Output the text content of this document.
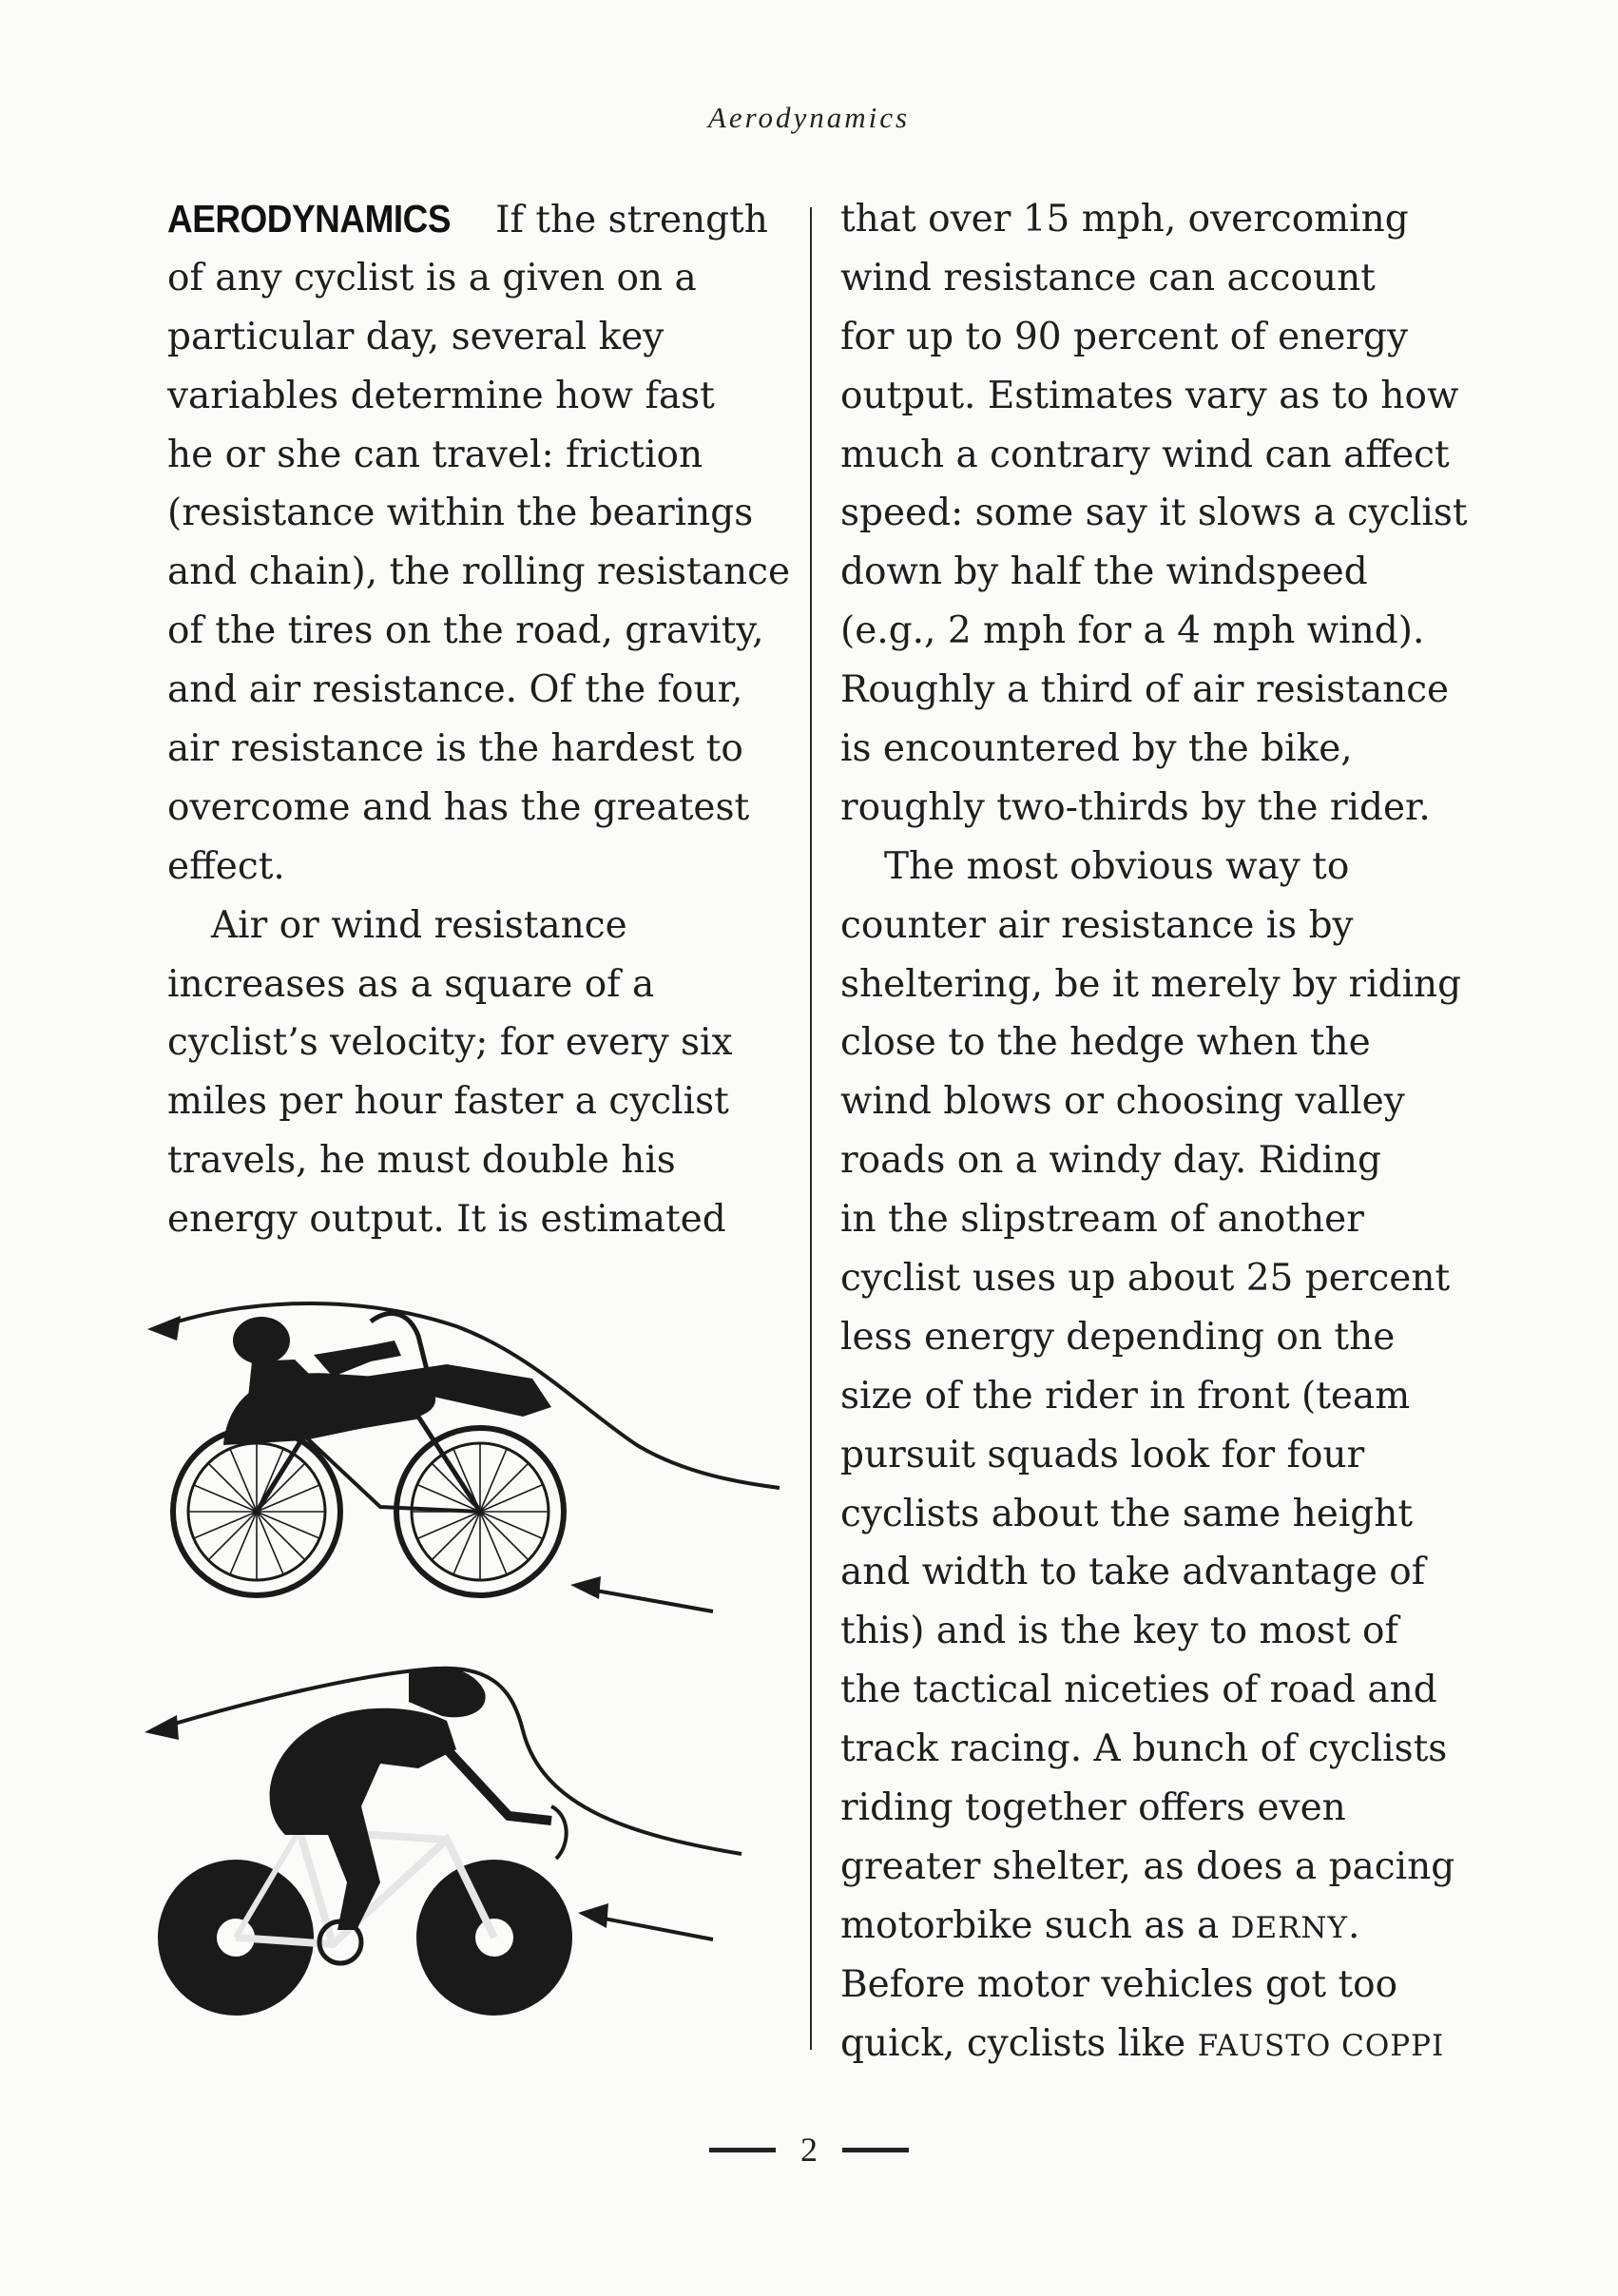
Aerodynamics
AERODYNAMICS If the strength
of any cyclist is a given on a
particular day, several key
variables determine how fast
he or she can travel: friction
(resistance within the bearings
and chain), the rolling resistance
of the tires on the road, gravity,
and air resistance. Of the four,
air resistance is the hardest to
overcome and has the greatest
effect.
Air or wind resistance
increases as a square of a
cyclist’s velocity; for every six
miles per hour faster a cyclist
travels, he must double his
energy output. It is estimated
that over 15 mph, overcoming
wind resistance can account
for up to 90 percent of energy
output. Estimates vary as to how
much a contrary wind can affect
speed: some say it slows a cyclist
down by half the windspeed
(e.g., 2 mph for a 4 mph wind).
Roughly a third of air resistance
is encountered by the bike,
roughly two-thirds by the rider.
The most obvious way to
counter air resistance is by
sheltering, be it merely by riding
close to the hedge when the
wind blows or choosing valley
roads on a windy day. Riding
in the slipstream of another
cyclist uses up about 25 percent
less energy depending on the
size of the rider in front (team
pursuit squads look for four
cyclists about the same height
and width to take advantage of
this) and is the key to most of
the tactical niceties of road and
track racing. A bunch of cyclists
riding together offers even
greater shelter, as does a pacing
motorbike such as a DERNY.
Before motor vehicles got too
quick, cyclists like FAUSTO COPPI
2
